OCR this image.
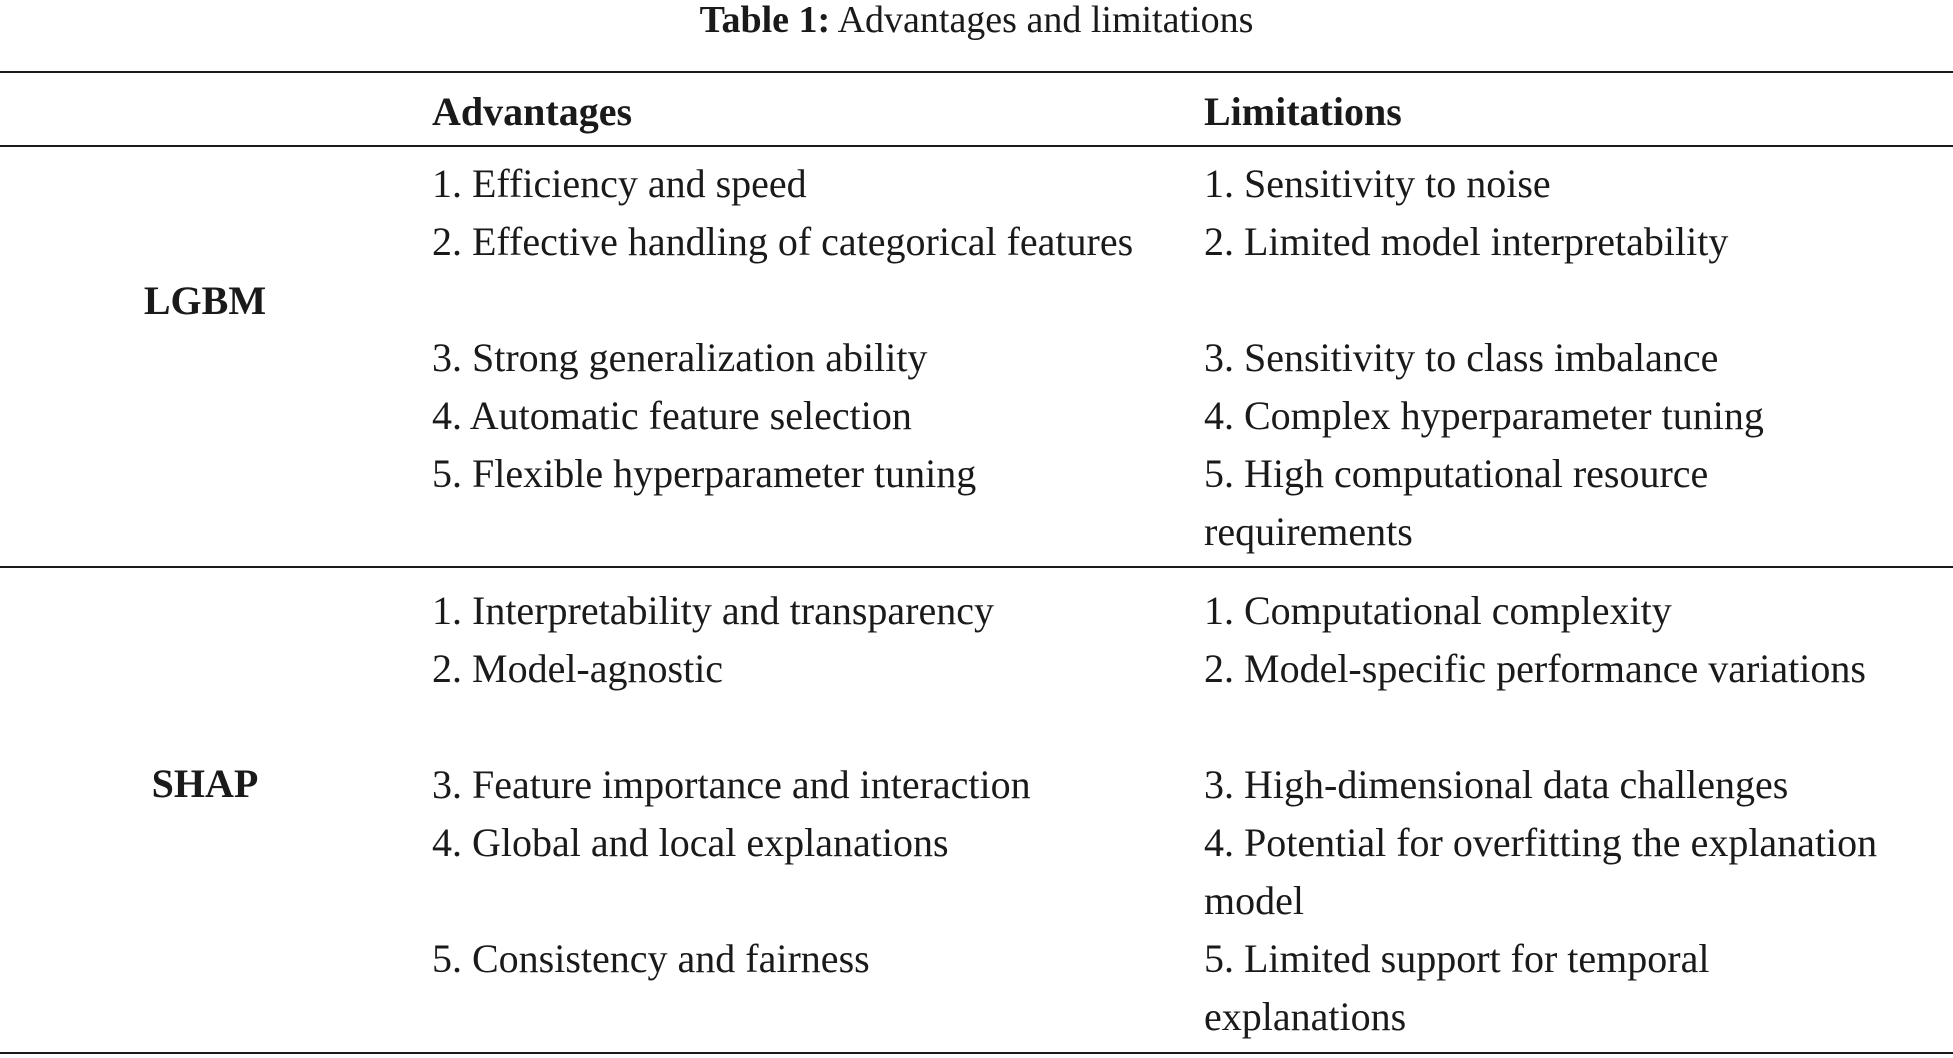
Table 1: Advantages and limitations
Advantages	Limitations
LGBM
1. Efficiency and speed
2. Effective handling of categorical features
3. Strong generalization ability
4. Automatic feature selection
5. Flexible hyperparameter tuning
1. Sensitivity to noise
2. Limited model interpretability
3. Sensitivity to class imbalance
4. Complex hyperparameter tuning
5. High computational resource requirements
SHAP
1. Interpretability and transparency
2. Model-agnostic
3. Feature importance and interaction
4. Global and local explanations
5. Consistency and fairness
1. Computational complexity
2. Model-specific performance variations
3. High-dimensional data challenges
4. Potential for overfitting the explanation model
5. Limited support for temporal explanations
